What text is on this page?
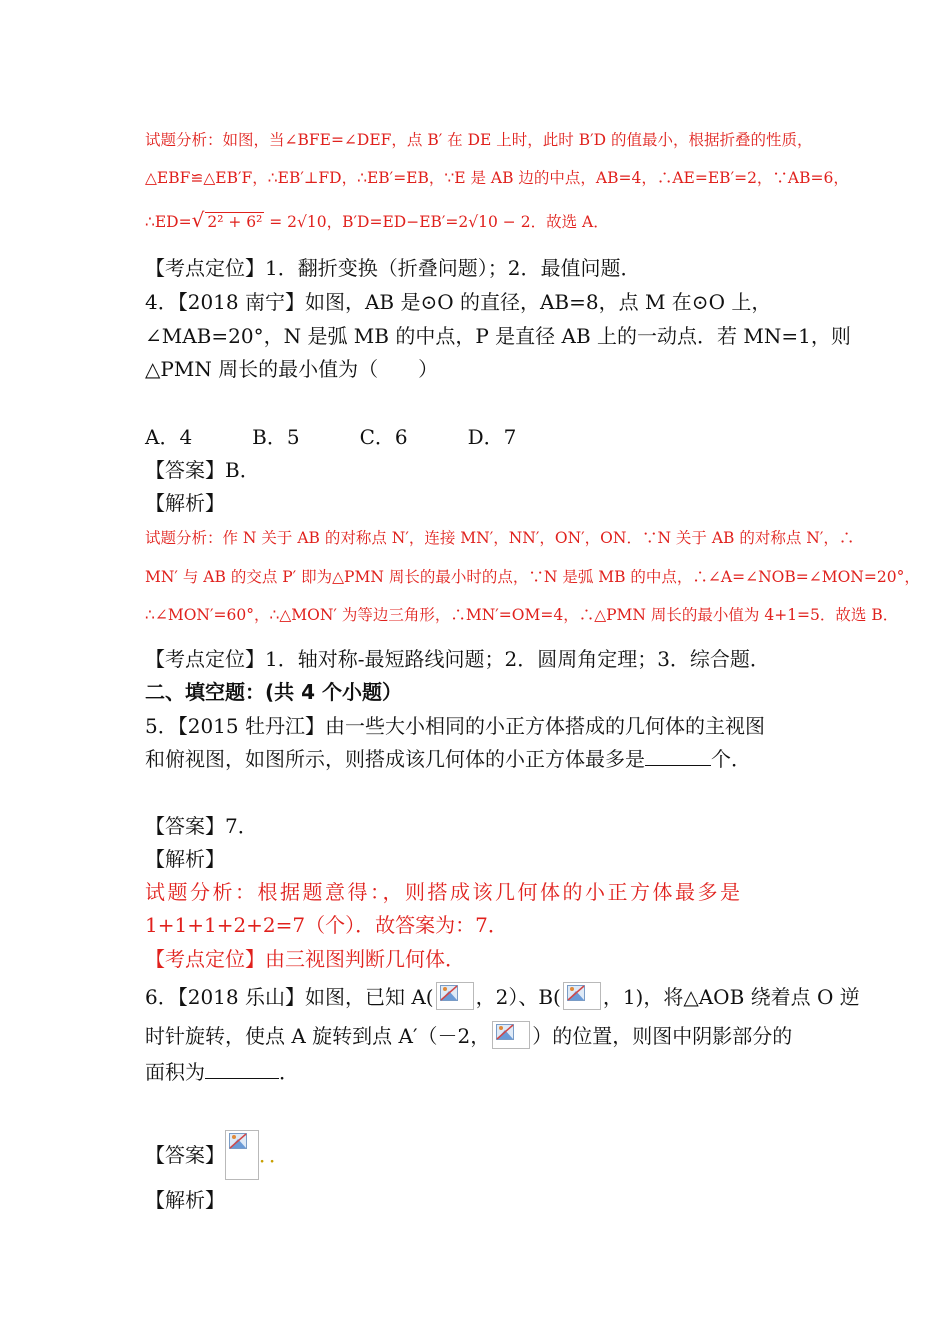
试题分析：如图，当∠BFE=∠DEF，点 B′ 在 DE 上时，此时 B′D 的值最小，根据折叠的性质，
△EBF≌△EB′F，∴EB′⊥FD，∴EB′=EB，∵E 是 AB 边的中点，AB=4，∴AE=EB′=2，∵AB=6，
∴ED=√ 2² + 6² = 2√10，B′D=ED−EB′=2√10 − 2．故选 A．
【考点定位】1．翻折变换（折叠问题）；2．最值问题．
4．【2018 南宁】如图，AB 是⊙O 的直径，AB=8，点 M 在⊙O 上，
∠MAB=20°，N 是弧 MB 的中点，P 是直径 AB 上的一动点．若 MN=1，则
△PMN 周长的最小值为（　　）
A．4　　　B．5　　　C．6　　　D．7
【答案】B．
【解析】
试题分析：作 N 关于 AB 的对称点 N′，连接 MN′，NN′，ON′，ON．∵N 关于 AB 的对称点 N′，∴
MN′ 与 AB 的交点 P′ 即为△PMN 周长的最小时的点，∵N 是弧 MB 的中点，∴∠A=∠NOB=∠MON=20°，
∴∠MON′=60°，∴△MON′ 为等边三角形，∴MN′=OM=4，∴△PMN 周长的最小值为 4+1=5．故选 B．
【考点定位】1．轴对称-最短路线问题；2．圆周角定理；3．综合题．
二、填空题：(共 4 个小题）
5．【2015 牡丹江】由一些大小相同的小正方体搭成的几何体的主视图
和俯视图，如图所示，则搭成该几何体的小正方体最多是	个．
【答案】7．
【解析】
试题分析：根据题意得：，则搭成该几何体的小正方体最多是
1+1+1+2+2=7（个）．故答案为：7．
【考点定位】由三视图判断几何体．
6．【2018 乐山】如图，已知 A( ，2）、B( ，1)，将△AOB 绕着点 O 逆
时针旋转，使点 A 旋转到点 A′（－2， ）的位置，则图中阴影部分的
面积为	．
【答案】 ．．
【解析】
